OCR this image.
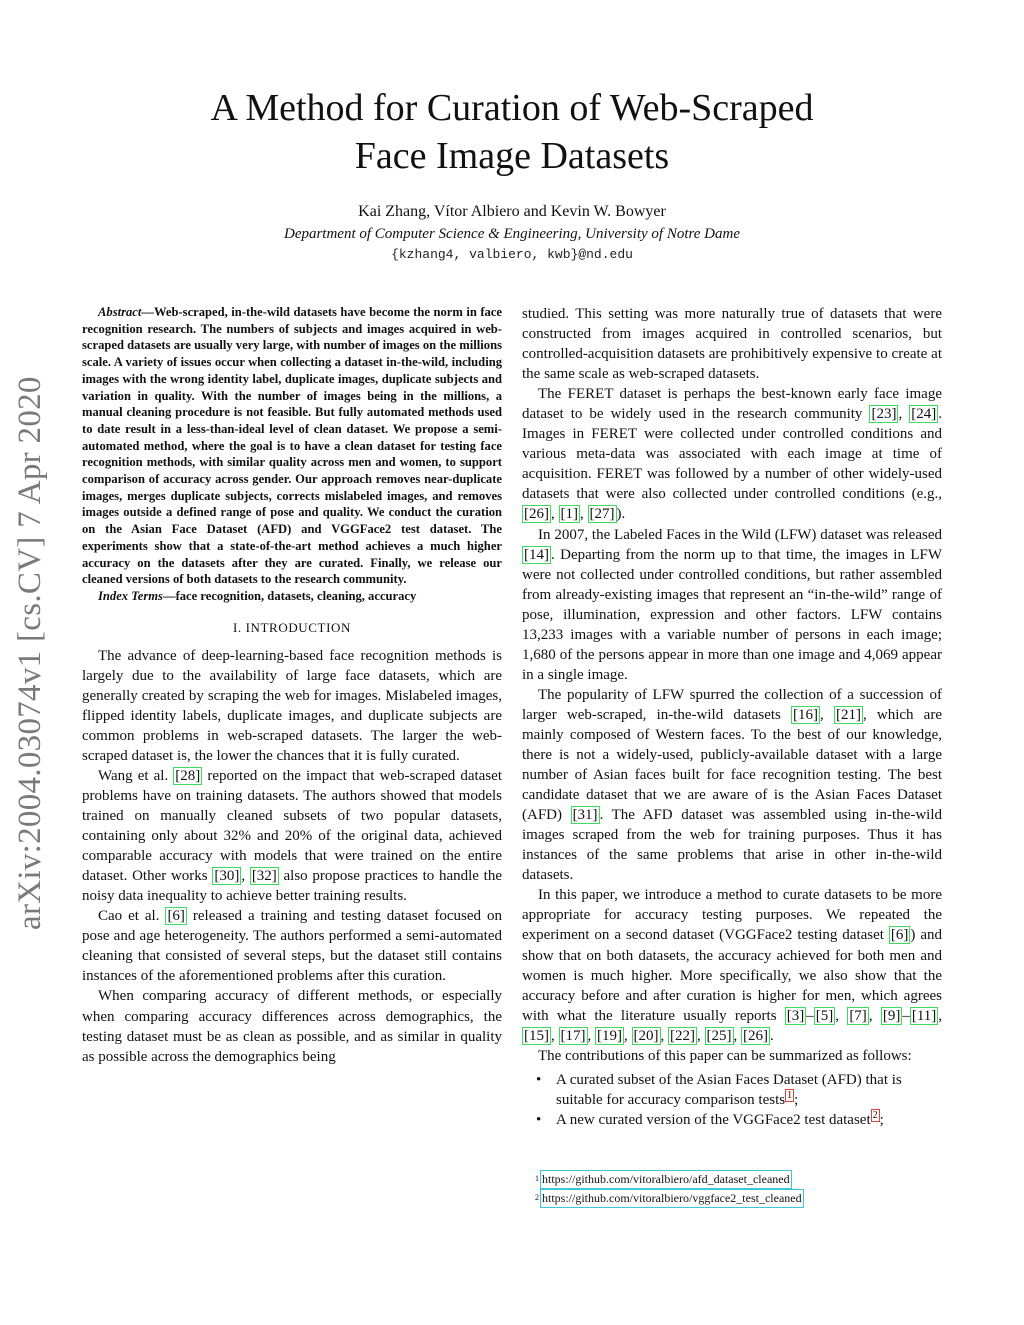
arXiv:2004.03074v1 [cs.CV] 7 Apr 2020
A Method for Curation of Web-Scraped
Face Image Datasets
Kai Zhang, Vítor Albiero and Kevin W. Bowyer
Department of Computer Science & Engineering, University of Notre Dame
{kzhang4, valbiero, kwb}@nd.edu

Abstract—Web-scraped, in-the-wild datasets have become the norm in face recognition research. The numbers of subjects and images acquired in web-scraped datasets are usually very large, with number of images on the millions scale. A variety of issues occur when collecting a dataset in-the-wild, including images with the wrong identity label, duplicate images, duplicate subjects and variation in quality. With the number of images being in the millions, a manual cleaning procedure is not feasible. But fully automated methods used to date result in a less-than-ideal level of clean dataset. We propose a semi-automated method, where the goal is to have a clean dataset for testing face recognition methods, with similar quality across men and women, to support comparison of accuracy across gender. Our approach removes near-duplicate images, merges duplicate subjects, corrects mislabeled images, and removes images outside a defined range of pose and quality. We conduct the curation on the Asian Face Dataset (AFD) and VGGFace2 test dataset. The experiments show that a state-of-the-art method achieves a much higher accuracy on the datasets after they are curated. Finally, we release our cleaned versions of both datasets to the research community.

Index Terms—face recognition, datasets, cleaning, accuracy

I. INTRODUCTION

The advance of deep-learning-based face recognition methods is largely due to the availability of large face datasets, which are generally created by scraping the web for images. Mislabeled images, flipped identity labels, duplicate images, and duplicate subjects are common problems in web-scraped datasets. The larger the web-scraped dataset is, the lower the chances that it is fully curated.

Wang et al. [28] reported on the impact that web-scraped dataset problems have on training datasets. The authors showed that models trained on manually cleaned subsets of two popular datasets, containing only about 32% and 20% of the original data, achieved comparable accuracy with models that were trained on the entire dataset. Other works [30] , [32] also propose practices to handle the noisy data inequality to achieve better training results.

Cao et al. [6] released a training and testing dataset focused on pose and age heterogeneity. The authors performed a semi-automated cleaning that consisted of several steps, but the dataset still contains instances of the aforementioned problems after this curation.

When comparing accuracy of different methods, or especially when comparing accuracy differences across demographics, the testing dataset must be as clean as possible, and as similar in quality as possible across the demographics being

studied. This setting was more naturally true of datasets that were constructed from images acquired in controlled scenarios, but controlled-acquisition datasets are prohibitively expensive to create at the same scale as web-scraped datasets.

The FERET dataset is perhaps the best-known early face image dataset to be widely used in the research community [23] , [24] . Images in FERET were collected under controlled conditions and various meta-data was associated with each image at time of acquisition. FERET was followed by a number of other widely-used datasets that were also collected under controlled conditions (e.g., [26] , [1] , [27] ).

In 2007, the Labeled Faces in the Wild (LFW) dataset was released [14] . Departing from the norm up to that time, the images in LFW were not collected under controlled conditions, but rather assembled from already-existing images that represent an “in-the-wild” range of pose, illumination, expression and other factors. LFW contains 13,233 images with a variable number of persons in each image; 1,680 of the persons appear in more than one image and 4,069 appear in a single image.

The popularity of LFW spurred the collection of a succession of larger web-scraped, in-the-wild datasets [16] , [21] , which are mainly composed of Western faces. To the best of our knowledge, there is not a widely-used, publicly-available dataset with a large number of Asian faces built for face recognition testing. The best candidate dataset that we are aware of is the Asian Faces Dataset (AFD) [31] . The AFD dataset was assembled using in-the-wild images scraped from the web for training purposes. Thus it has instances of the same problems that arise in other in-the-wild datasets.

In this paper, we introduce a method to curate datasets to be more appropriate for accuracy testing purposes. We repeated the experiment on a second dataset (VGGFace2 testing dataset [6] ) and show that on both datasets, the accuracy achieved for both men and women is much higher. More specifically, we also show that the accuracy before and after curation is higher for men, which agrees with what the literature usually reports [3] – [5] , [7] , [9] – [11] , [15] , [17] , [19] , [20] , [22] , [25] , [26] .

The contributions of this paper can be summarized as follows:

• A curated subset of the Asian Faces Dataset (AFD) that is suitable for accuracy comparison tests $^1$ ;
• A new curated version of the VGGFace2 test dataset $^2$ ;
1 https://github.com/vitoralbiero/afd_dataset_cleaned
2 https://github.com/vitoralbiero/vggface2_test_cleaned
